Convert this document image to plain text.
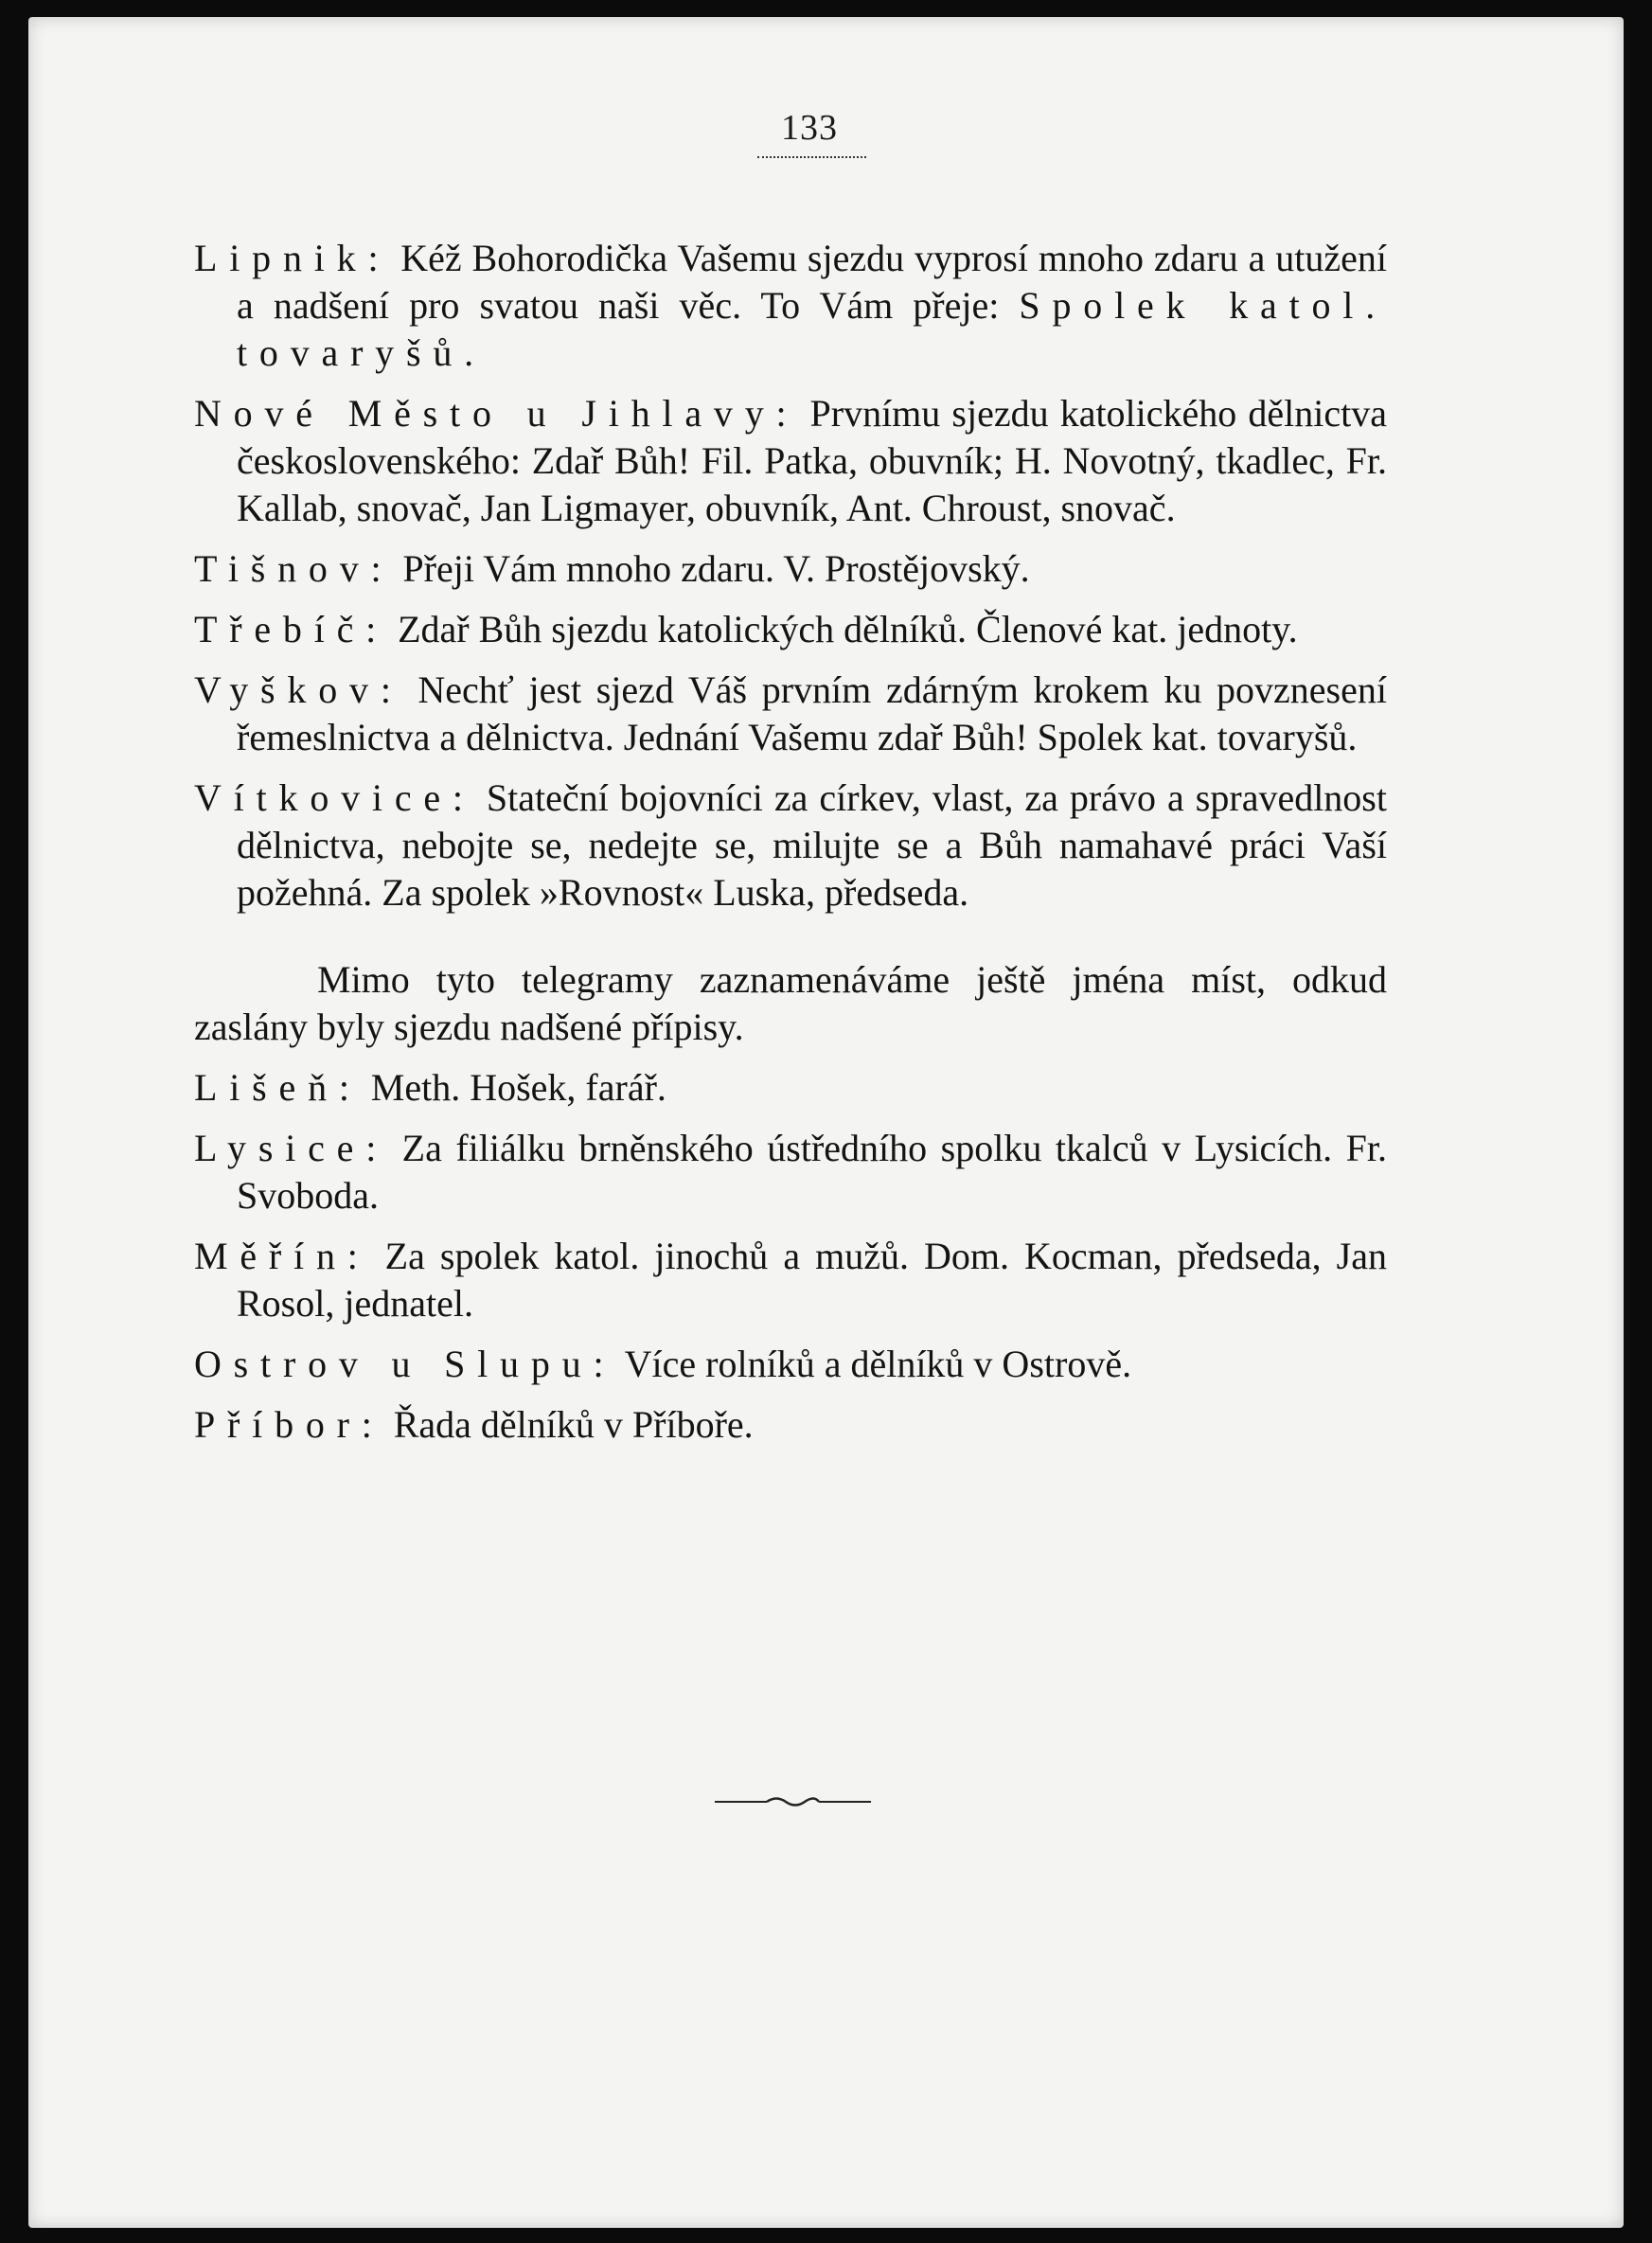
133

Lipnik: Kéž Bohorodička Vašemu sjezdu vyprosí mnoho zdaru a utužení a nadšení pro svatou naši věc. To Vám přeje: Spolek katol. tovaryšů.

Nové Město u Jihlavy: Prvnímu sjezdu katolického dělnictva československého: Zdař Bůh! Fil. Patka, obuvník; H. Novotný, tkadlec, Fr. Kallab, snovač, Jan Ligmayer, obuvník, Ant. Chroust, snovač.

Tišnov: Přeji Vám mnoho zdaru. V. Prostějovský.

Třebíč: Zdař Bůh sjezdu katolických dělníků. Členové kat. jednoty.

Vyškov: Nechť jest sjezd Váš prvním zdárným krokem ku povznesení řemeslnictva a dělnictva. Jednání Vašemu zdař Bůh! Spolek kat. tovaryšů.

Vítkovice: Stateční bojovníci za církev, vlast, za právo a spravedlnost dělnictva, nebojte se, nedejte se, milujte se a Bůh namahavé práci Vaší požehná. Za spolek »Rovnost« Luska, předseda.

Mimo tyto telegramy zaznamenáváme ještě jména míst, odkud zaslány byly sjezdu nadšené přípisy.

Lišeň: Meth. Hošek, farář.

Lysice: Za filiálku brněnského ústředního spolku tkalců v Lysicích. Fr. Svoboda.

Měřín: Za spolek katol. jinochů a mužů. Dom. Kocman, předseda, Jan Rosol, jednatel.

Ostrov u Slupu: Více rolníků a dělníků v Ostrově.

Příbor: Řada dělníků v Příboře.
